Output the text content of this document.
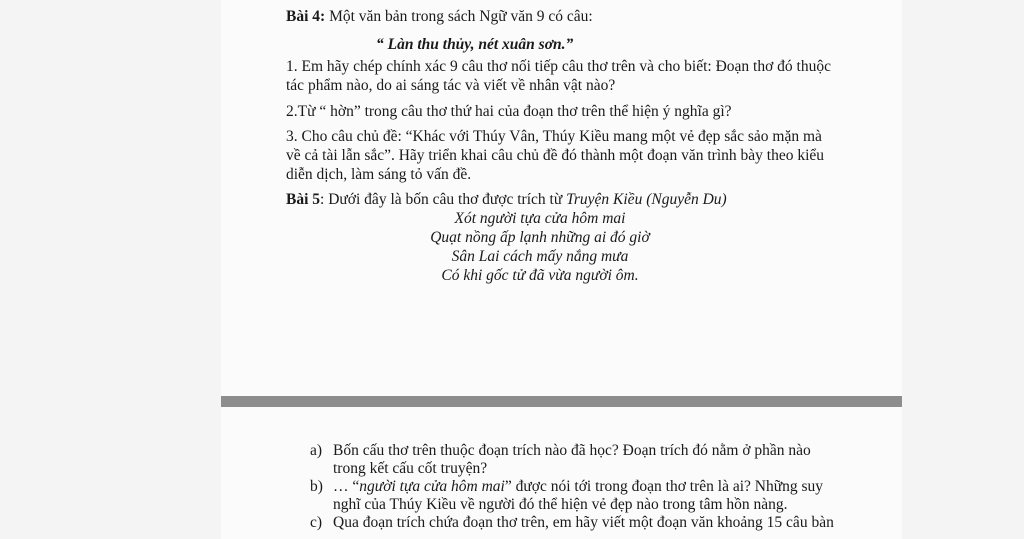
Bài 4: Một văn bản trong sách Ngữ văn 9 có câu:
“ Làn thu thủy, nét xuân sơn.”
1. Em hãy chép chính xác 9 câu thơ nối tiếp câu thơ trên và cho biết: Đoạn thơ đó thuộc
tác phẩm nào, do ai sáng tác và viết về nhân vật nào?
2.Từ “ hờn” trong câu thơ thứ hai của đoạn thơ trên thể hiện ý nghĩa gì?
3. Cho câu chủ đề: “Khác với Thúy Vân, Thúy Kiều mang một vẻ đẹp sắc sảo mặn mà
về cả tài lẫn sắc”. Hãy triển khai câu chủ đề đó thành một đoạn văn trình bày theo kiểu
diễn dịch, làm sáng tỏ vấn đề.
Bài 5: Dưới đây là bốn câu thơ được trích từ Truyện Kiều (Nguyễn Du)
Xót người tựa cửa hôm mai
Quạt nồng ấp lạnh những ai đó giờ
Sân Lai cách mấy nắng mưa
Có khi gốc tử đã vừa người ôm.
a) Bốn cấu thơ trên thuộc đoạn trích nào đã học? Đoạn trích đó nằm ở phần nào
trong kết cấu cốt truyện?
b) … “người tựa cửa hôm mai” được nói tới trong đoạn thơ trên là ai? Những suy
nghĩ của Thúy Kiều về người đó thể hiện vẻ đẹp nào trong tâm hồn nàng.
c) Qua đoạn trích chứa đoạn thơ trên, em hãy viết một đoạn văn khoảng 15 câu bàn
